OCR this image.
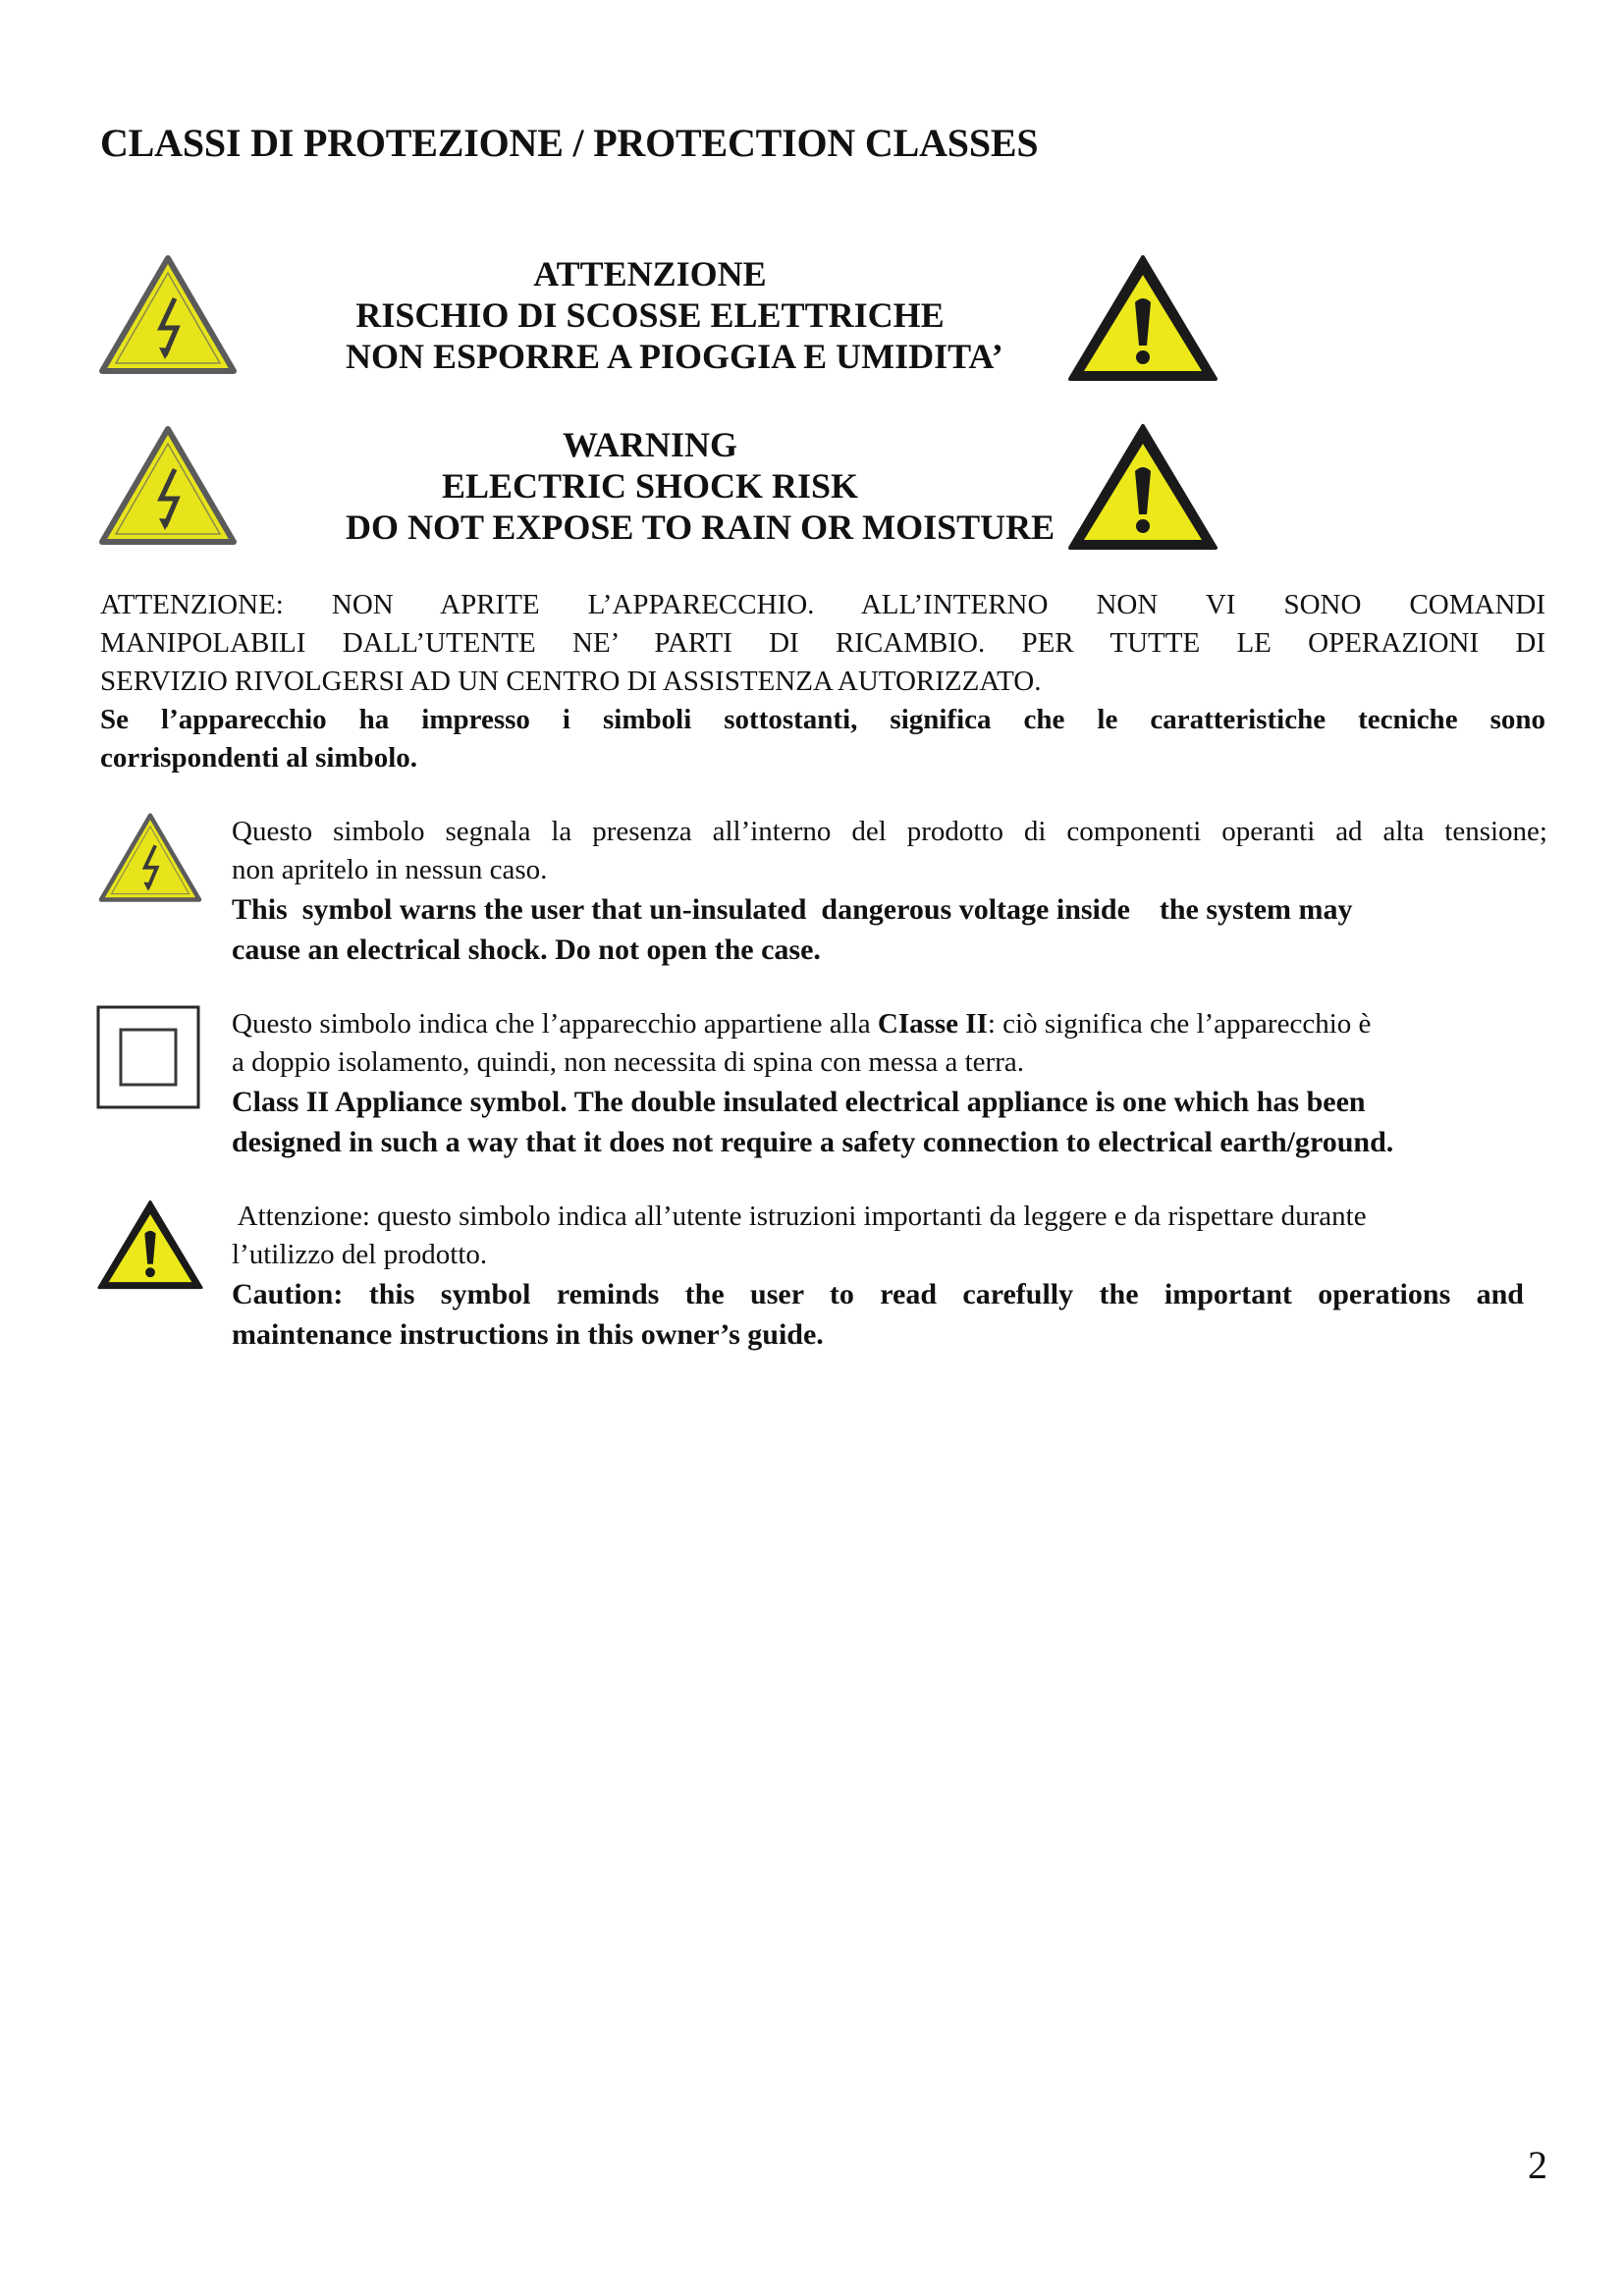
CLASSI DI PROTEZIONE / PROTECTION CLASSES
ATTENZIONE
RISCHIO DI SCOSSE ELETTRICHE
NON ESPORRE A PIOGGIA E UMIDITA’
WARNING
ELECTRIC SHOCK RISK
DO NOT EXPOSE TO RAIN OR MOISTURE
ATTENZIONE: NON APRITE L’APPARECCHIO. ALL’INTERNO NON VI SONO COMANDI
MANIPOLABILI DALL’UTENTE NE’ PARTI DI RICAMBIO. PER TUTTE LE OPERAZIONI DI
SERVIZIO RIVOLGERSI AD UN CENTRO DI ASSISTENZA AUTORIZZATO.
Se l’apparecchio ha impresso i simboli sottostanti, significa che le caratteristiche tecniche sono
corrispondenti al simbolo.
Questo simbolo segnala la presenza all’interno del prodotto di componenti operanti ad alta tensione;
non apritelo in nessun caso.
This  symbol warns the user that un-insulated  dangerous voltage inside    the system may
cause an electrical shock. Do not open the case.
Questo simbolo indica che l’apparecchio appartiene alla CIasse II: ciò significa che l’apparecchio è
a doppio isolamento, quindi, non necessita di spina con messa a terra.
Class II Appliance symbol. The double insulated electrical appliance is one which has been
designed in such a way that it does not require a safety connection to electrical earth/ground.
Attenzione: questo simbolo indica all’utente istruzioni importanti da leggere e da rispettare durante
l’utilizzo del prodotto.
Caution: this symbol reminds the user to read carefully the important operations and
maintenance instructions in this owner’s guide.
2
